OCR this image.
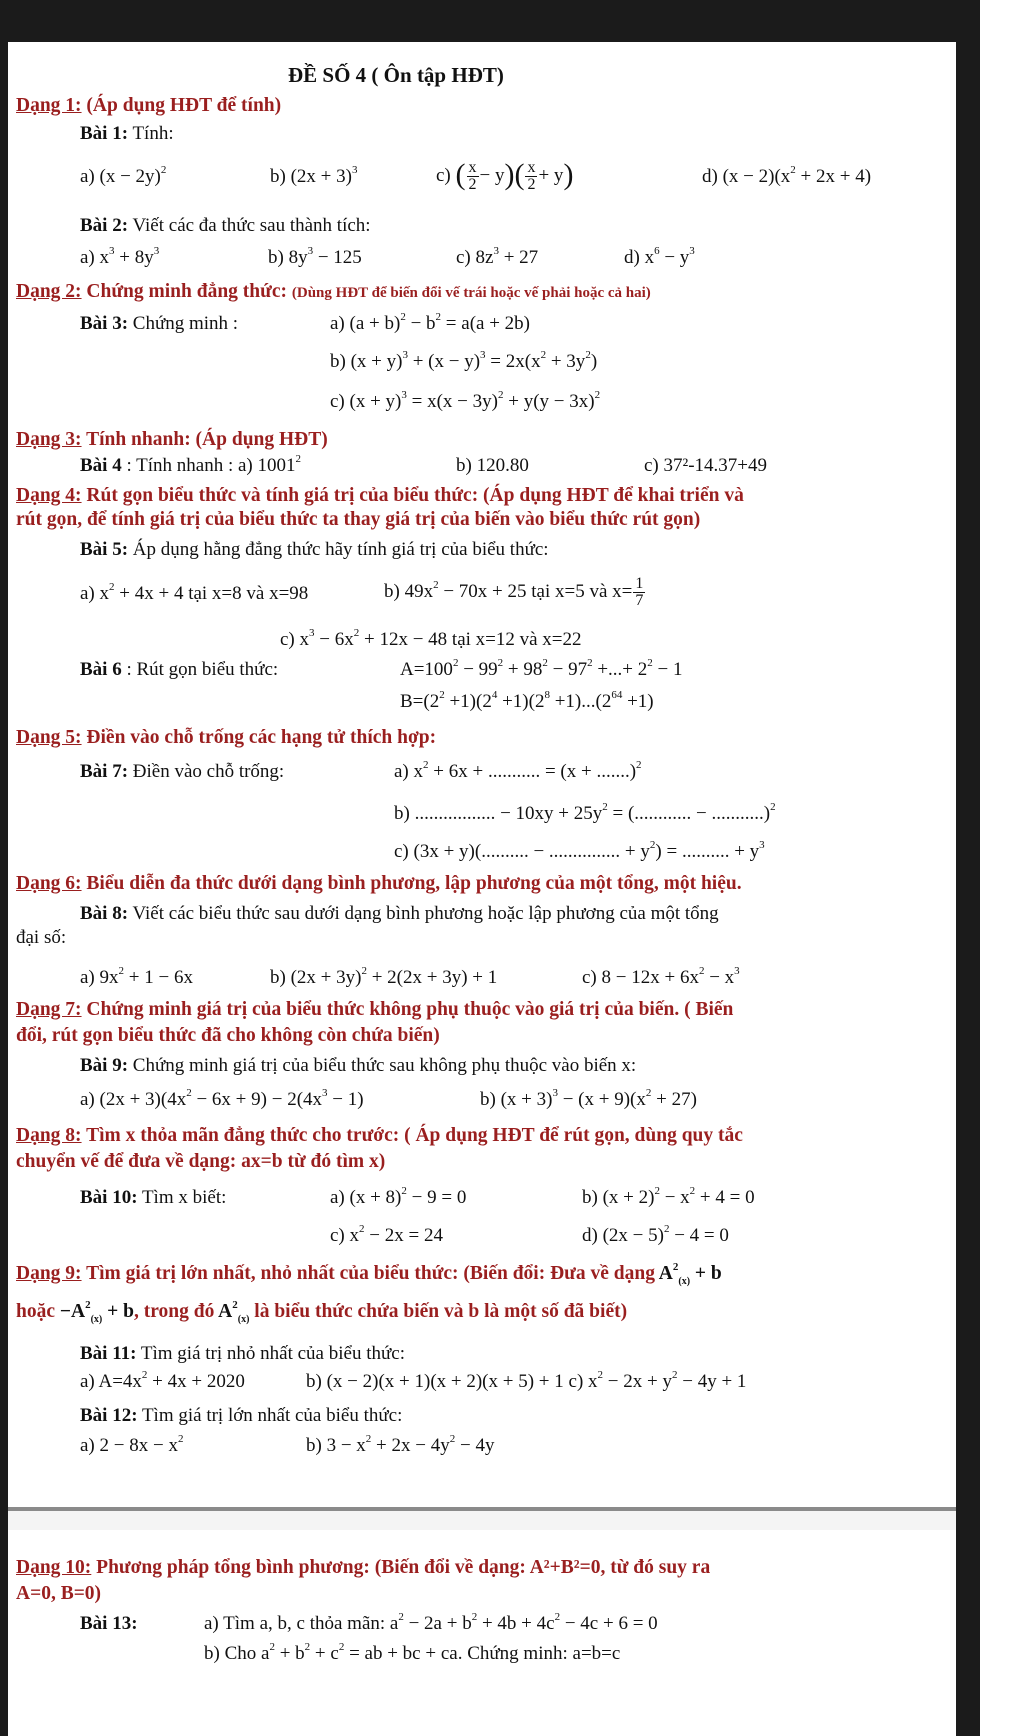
ĐỀ SỐ 4 ( Ôn tập HĐT)
Dạng 1: (Áp dụng HĐT để tính)
Bài 1: Tính:
a) $(x - 2y)^2$	b) $(2x + 3)^3$	c) ( $\frac{x}{2} - y)( \frac{x}{2} + y)$	d) $(x - 2)(x^2 + 2x + 4)$
Bài 2: Viết các đa thức sau thành tích:
a) $x^3 + 8y^3$	b) $8y^3 - 125$	c) $8z^3 + 27$	d) $x^6 - y^3$
Dạng 2: Chứng minh đẳng thức: (Dùng HĐT để biến đổi vế trái hoặc vế phải hoặc cả hai)
Bài 3: Chứng minh :	a) $(a + b)^2 - b^2 = a(a + 2b)$
b) $(x + y)^3 + (x - y)^3 = 2x(x^2 + 3y^2)$
c) $(x + y)^3 = x(x - 3y)^2 + y(y - 3x)^2$
Dạng 3: Tính nhanh: (Áp dụng HĐT)
Bài 4 : Tính nhanh : a) 1001$^2$	b) 120.80	c) 37²-14.37+49
Dạng 4: Rút gọn biểu thức và tính giá trị của biểu thức: (Áp dụng HĐT để khai triển và
rút gọn, để tính giá trị của biểu thức ta thay giá trị của biến vào biểu thức rút gọn)
Bài 5: Áp dụng hằng đẳng thức hãy tính giá trị của biểu thức:
a) $x^2 + 4x + 4$ tại x=8 và x=98	b) $49x^2 - 70x + 25$ tại x=5 và $x= \frac{1}{7}$
c) $x^3 - 6x^2 + 12x - 48$ tại x=12 và x=22
Bài 6 : Rút gọn biểu thức:	$A=100^2 - 99^2 + 98^2 - 97^2$ +...+ $2^2 - 1$
$B=(2^2 +1)(2^4 +1)(2^8 +1)...(2^{64} +1)$
Dạng 5: Điền vào chỗ trống các hạng tử thích hợp:
Bài 7: Điền vào chỗ trống:	a) $x^2 + 6x$ + ........... = (x + .......)$^2$
b) ................. − $10xy + 25y^2$ = (............ − ...........)$^2$
c) (3x + y)(.......... − ............... + $y^2$) = .......... + $y^3$
Dạng 6: Biểu diễn đa thức dưới dạng bình phương, lập phương của một tổng, một hiệu.
Bài 8: Viết các biểu thức sau dưới dạng bình phương hoặc lập phương của một tổng
đại số:
a) $9x^2 + 1 - 6x$	b) $(2x + 3y)^2 + 2(2x + 3y) + 1$	c) $8 - 12x + 6x^2 - x^3$
Dạng 7: Chứng minh giá trị của biểu thức không phụ thuộc vào giá trị của biến. ( Biến
đổi, rút gọn biểu thức đã cho không còn chứa biến)
Bài 9: Chứng minh giá trị của biểu thức sau không phụ thuộc vào biến x:
a) $(2x + 3)(4x^2 - 6x + 9) - 2(4x^3 - 1)$	b) $(x + 3)^3 - (x + 9)(x^2 + 27)$
Dạng 8: Tìm x thỏa mãn đẳng thức cho trước: ( Áp dụng HĐT để rút gọn, dùng quy tắc
chuyển vế để đưa về dạng: ax=b từ đó tìm x)
Bài 10: Tìm x biết:	a) $(x + 8)^2 - 9 = 0$	b) $(x + 2)^2 - x^2 + 4 = 0$
c) $x^2 - 2x = 24$	d) $(2x - 5)^2 - 4 = 0$
Dạng 9: Tìm giá trị lớn nhất, nhỏ nhất của biểu thức: (Biến đổi: Đưa về dạng $A^2_{(x)} + b$
hoặc $-A^2_{(x)} + b$, trong đó $A^2_{(x)}$ là biểu thức chứa biến và b là một số đã biết)
Bài 11: Tìm giá trị nhỏ nhất của biểu thức:
a) $A=4x^2 + 4x + 2020$	b) (x − 2)(x + 1)(x + 2)(x + 5) + 1 c) $x^2 - 2x + y^2 - 4y + 1$
Bài 12: Tìm giá trị lớn nhất của biểu thức:
a) $2 - 8x - x^2$	b) $3 - x^2 + 2x - 4y^2 - 4y$
Dạng 10: Phương pháp tổng bình phương: (Biến đổi về dạng: A²+B²=0, từ đó suy ra
A=0, B=0)
Bài 13:	a) Tìm a, b, c thỏa mãn: $a^2 - 2a + b^2 + 4b + 4c^2 - 4c + 6 = 0$
b) Cho $a^2 + b^2 + c^2$ = ab + bc + ca. Chứng minh: a=b=c
